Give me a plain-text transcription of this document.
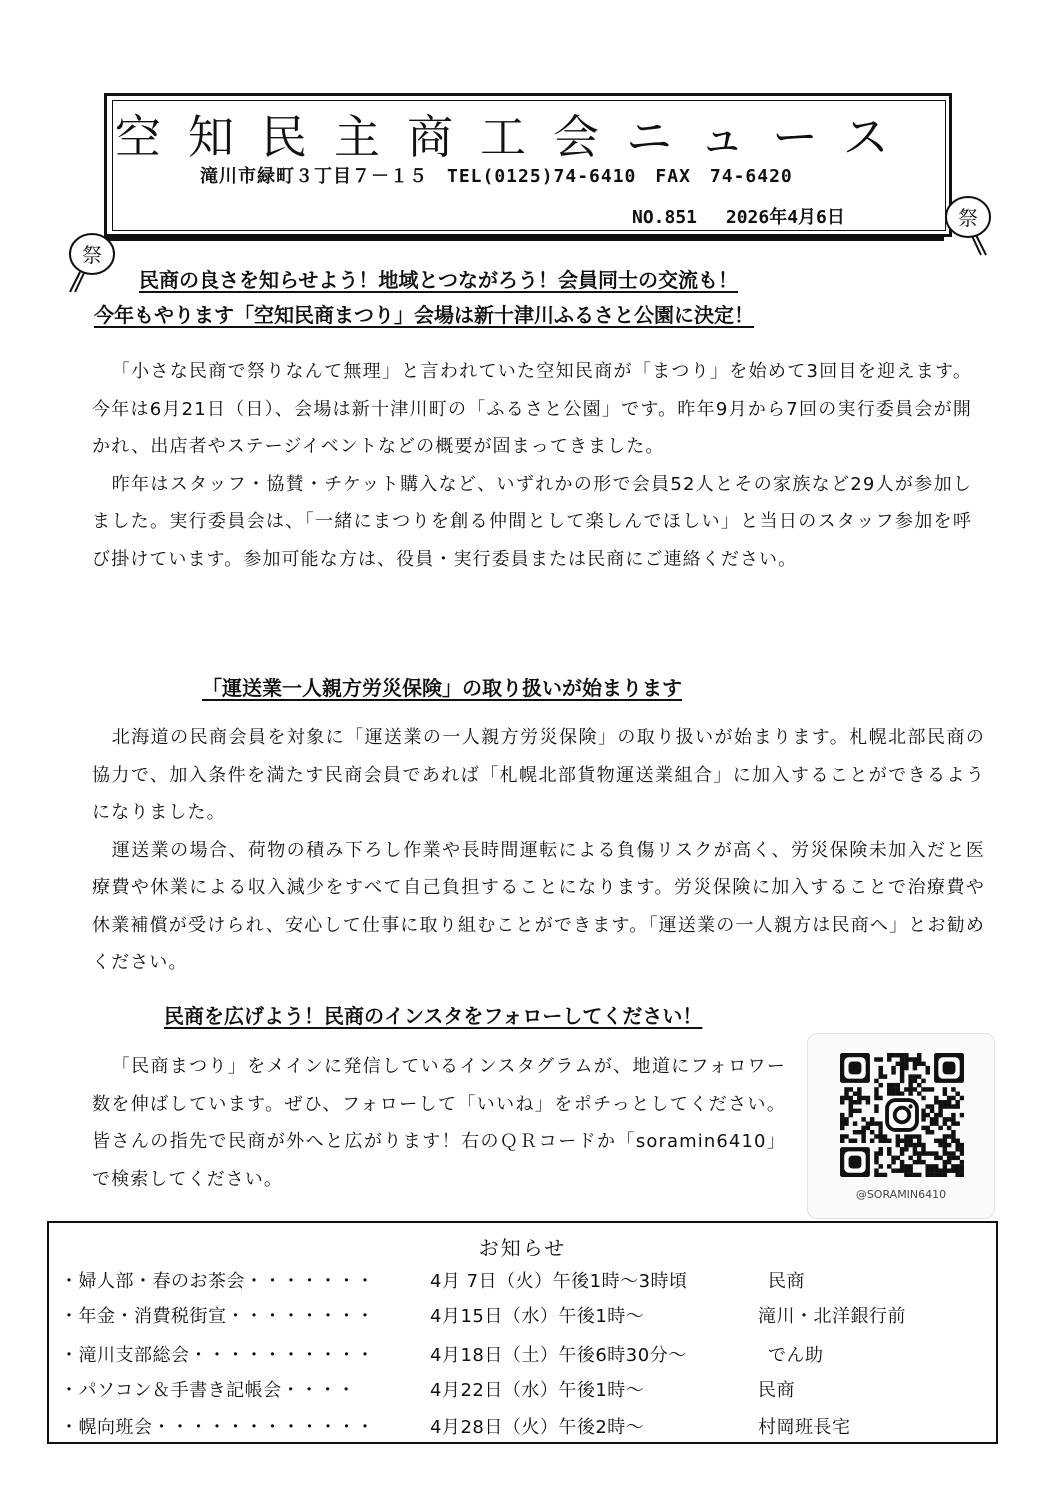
空知民主商工会ニュース
滝川市緑町３丁目７－１５　TEL(0125)74-6410　FAX　74-6420
NO.851　 2026年4月6日
祭
祭
民商の良さを知らせよう！地域とつながろう！会員同士の交流も！
今年もやります「空知民商まつり」会場は新十津川ふるさと公園に決定！

「小さな民商で祭りなんて無理」と言われていた空知民商が「まつり」を始めて3回目を迎えます。今年は6月21日（日）、会場は新十津川町の「ふるさと公園」です。昨年9月から7回の実行委員会が開かれ、出店者やステージイベントなどの概要が固まってきました。

昨年はスタッフ・協賛・チケット購入など、いずれかの形で会員52人とその家族など29人が参加しました。実行委員会は、「一緒にまつりを創る仲間として楽しんでほしい」と当日のスタッフ参加を呼び掛けています。参加可能な方は、役員・実行委員または民商にご連絡ください。

「運送業一人親方労災保険」の取り扱いが始まります

北海道の民商会員を対象に「運送業の一人親方労災保険」の取り扱いが始まります。札幌北部民商の協力で、加入条件を満たす民商会員であれば「札幌北部貨物運送業組合」に加入することができるようになりました。

運送業の場合、荷物の積み下ろし作業や長時間運転による負傷リスクが高く、労災保険未加入だと医療費や休業による収入減少をすべて自己負担することになります。労災保険に加入することで治療費や休業補償が受けられ、安心して仕事に取り組むことができます。「運送業の一人親方は民商へ」とお勧めください。

民商を広げよう！民商のインスタをフォローしてください！

「民商まつり」をメインに発信しているインスタグラムが、地道にフォロワー数を伸ばしています。ぜひ、フォローして「いいね」をポチっとしてください。皆さんの指先で民商が外へと広がります！右のＱＲコードか「soramin6410」で検索してください。

@SORAMIN6410
お知らせ
・婦人部・春のお茶会・・・・・・・	4月 7日（火）午後1時～3時頃	民商
・年金・消費税街宣・・・・・・・・	4月15日（水）午後1時～	滝川・北洋銀行前
・滝川支部総会・・・・・・・・・・	4月18日（土）午後6時30分～	でん助
・パソコン＆手書き記帳会・・・・	4月22日（水）午後1時～	民商
・幌向班会・・・・・・・・・・・・	4月28日（火）午後2時～	村岡班長宅
